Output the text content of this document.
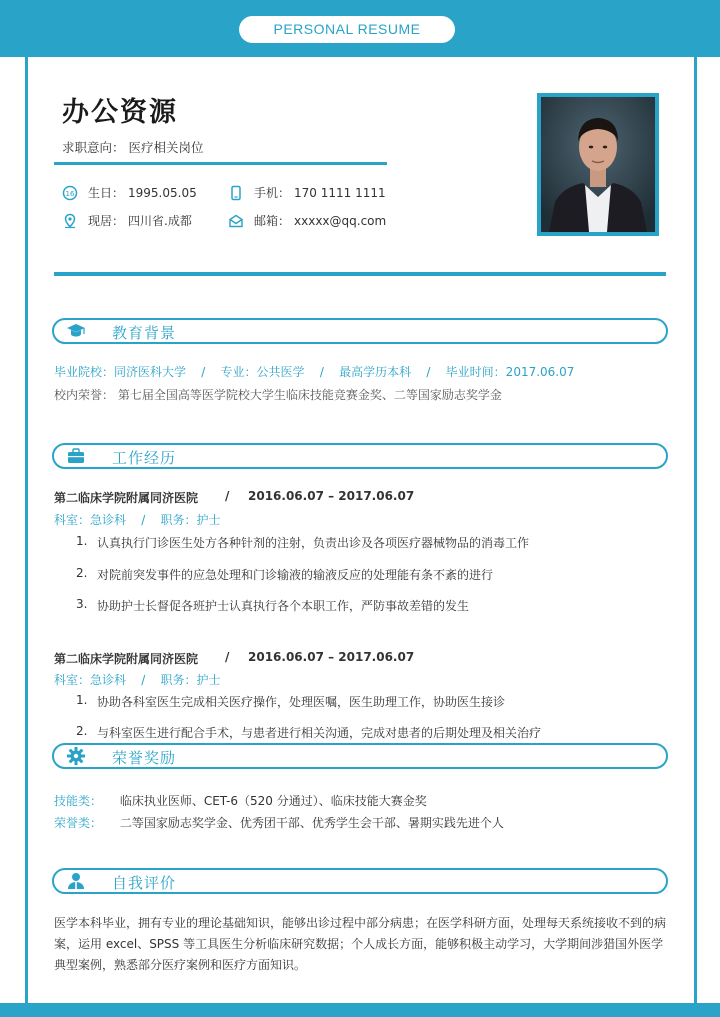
PERSONAL RESUME
办公资源
求职意向： 医疗相关岗位
16 生日： 1995.05.05	手机： 170 1111 1111
现居： 四川省.成都	邮箱： xxxxx@qq.com
教育背景
毕业院校：同济医科大学    /    专业：公共医学    /    最高学历本科    /    毕业时间：2017.06.07
校内荣誉： 第七届全国高等医学院校大学生临床技能竞赛金奖、二等国家励志奖学金
工作经历
第二临床学院附属同济医院 / 2016.06.07 – 2017.06.07
科室：急诊科    /    职务：护士
1. 认真执行门诊医生处方各种针剂的注射，负责出诊及各项医疗器械物品的消毒工作
2. 对院前突发事件的应急处理和门诊输液的输液反应的处理能有条不紊的进行
3. 协助护士长督促各班护士认真执行各个本职工作，严防事故差错的发生
第二临床学院附属同济医院 / 2016.06.07 – 2017.06.07
科室：急诊科    /    职务：护士
1. 协助各科室医生完成相关医疗操作，处理医嘱，医生助理工作，协助医生接诊
2. 与科室医生进行配合手术，与患者进行相关沟通，完成对患者的后期处理及相关治疗
荣誉奖励
技能类： 临床执业医师、CET-6（520 分通过）、临床技能大赛金奖
荣誉类： 二等国家励志奖学金、优秀团干部、优秀学生会干部、暑期实践先进个人
自我评价
医学本科毕业，拥有专业的理论基础知识，能够出诊过程中部分病患；在医学科研方面，处理每天系统接收不到的病案，运用 excel、SPSS 等工具医生分析临床研究数据；个人成长方面，能够积极主动学习，大学期间涉猎国外医学典型案例，熟悉部分医疗案例和医疗方面知识。
